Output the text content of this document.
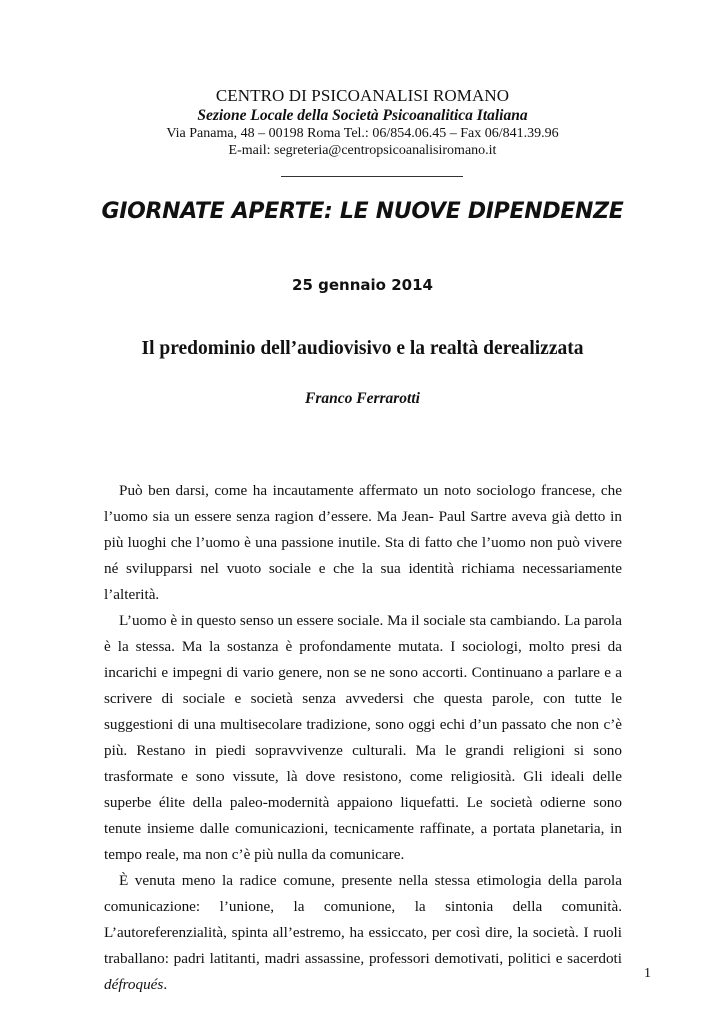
CENTRO DI PSICOANALISI ROMANO
Sezione Locale della Società Psicoanalitica Italiana
Via Panama, 48 – 00198 Roma Tel.: 06/854.06.45 – Fax 06/841.39.96
E-mail: segreteria@centropsicoanalisiromano.it
GIORNATE APERTE: LE NUOVE DIPENDENZE
25 gennaio 2014
Il predominio dell’audiovisivo e la realtà derealizzata
Franco Ferrarotti

Può ben darsi, come ha incautamente affermato un noto sociologo francese, che l’uomo sia un essere senza ragion d’essere. Ma Jean- Paul Sartre aveva già detto in più luoghi che l’uomo è una passione inutile. Sta di fatto che l’uomo non può vivere né svilupparsi nel vuoto sociale e che la sua identità richiama necessariamente l’alterità.

L’uomo è in questo senso un essere sociale. Ma il sociale sta cambiando. La parola è la stessa. Ma la sostanza è profondamente mutata. I sociologi, molto presi da incarichi e impegni di vario genere, non se ne sono accorti. Continuano a parlare e a scrivere di sociale e società senza avvedersi che questa parole, con tutte le suggestioni di una multisecolare tradizione, sono oggi echi d’un passato che non c’è più. Restano in piedi sopravvivenze culturali. Ma le grandi religioni si sono trasformate e sono vissute, là dove resistono, come religiosità. Gli ideali delle superbe élite della paleo-modernità appaiono liquefatti. Le società odierne sono tenute insieme dalle comunicazioni, tecnicamente raffinate, a portata planetaria, in tempo reale, ma non c’è più nulla da comunicare.

È venuta meno la radice comune, presente nella stessa etimologia della parola comunicazione: l’unione, la comunione, la sintonia della comunità. L’autoreferenzialità, spinta all’estremo, ha essiccato, per così dire, la società. I ruoli traballano: padri latitanti, madri assassine, professori demotivati, politici e sacerdoti défroqués.

1
